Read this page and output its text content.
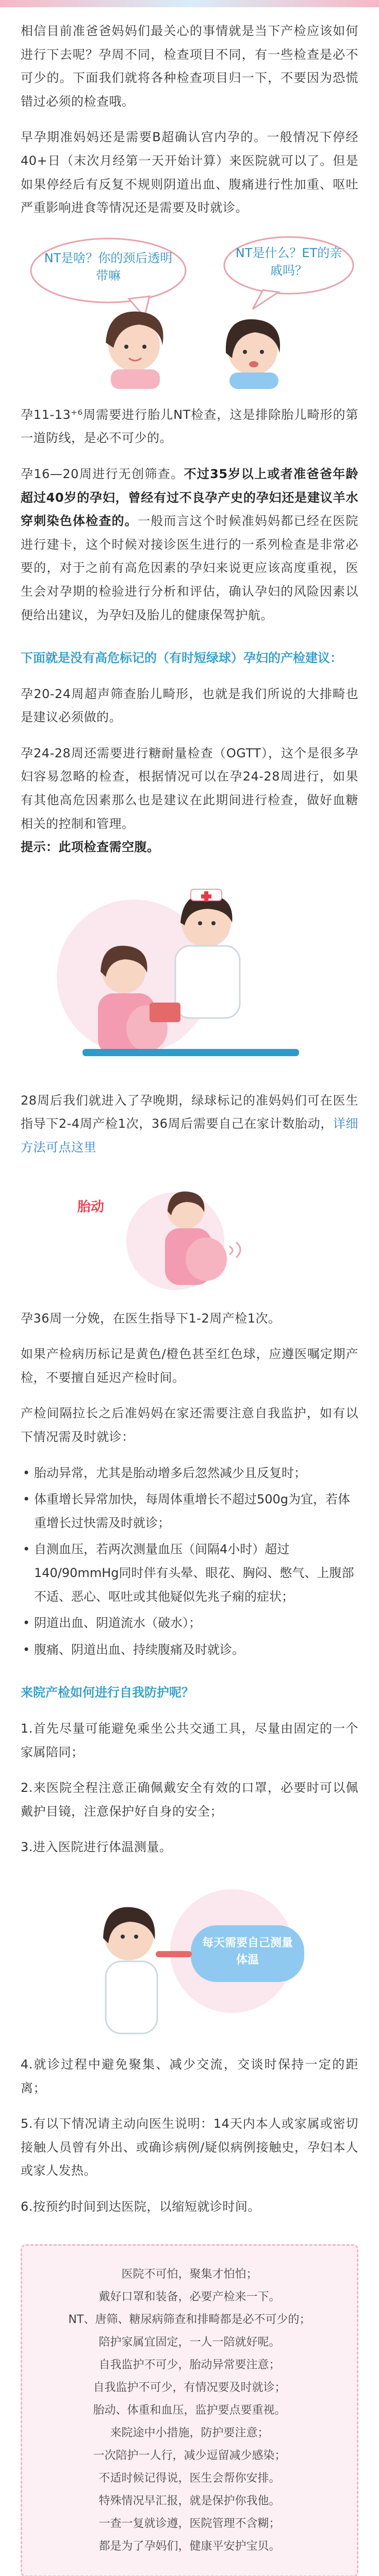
相信目前准爸爸妈妈们最关心的事情就是当下产检应该如何进行下去呢？孕周不同，检查项目不同，有一些检查是必不可少的。下面我们就将各种检查项目归一下，不要因为恐慌错过必须的检查哦。

早孕期准妈妈还是需要B超确认宫内孕的。一般情况下停经40+日（末次月经第一天开始计算）来医院就可以了。但是如果停经后有反复不规则阴道出血、腹痛进行性加重、呕吐严重影响进食等情况还是需要及时就诊。

NT是啥？你的颈后透明带嘛
NT是什么？ET的亲戚吗？

孕11-13⁺⁶周需要进行胎儿NT检查，这是排除胎儿畸形的第一道防线，是必不可少的。

孕16—20周进行无创筛查。不过35岁以上或者准爸爸年龄超过40岁的孕妇，曾经有过不良孕产史的孕妇还是建议羊水穿刺染色体检查的。一般而言这个时候准妈妈都已经在医院进行建卡，这个时候对接诊医生进行的一系列检查是非常必要的，对于之前有高危因素的孕妇来说更应该高度重视，医生会对孕期的检验进行分析和评估，确认孕妇的风险因素以便给出建议，为孕妇及胎儿的健康保驾护航。

下面就是没有高危标记的（有时短绿球）孕妇的产检建议：

孕20-24周超声筛查胎儿畸形，也就是我们所说的大排畸也是建议必须做的。

孕24-28周还需要进行糖耐量检查（OGTT），这个是很多孕妇容易忽略的检查，根据情况可以在孕24-28周进行，如果有其他高危因素那么也是建议在此期间进行检查，做好血糖相关的控制和管理。
提示：此项检查需空腹。

28周后我们就进入了孕晚期，绿球标记的准妈妈们可在医生指导下2-4周产检1次，36周后需要自己在家计数胎动，详细方法可点这里

胎动

孕36周一分娩，在医生指导下1-2周产检1次。

如果产检病历标记是黄色/橙色甚至红色球，应遵医嘱定期产检，不要擅自延迟产检时间。

产检间隔拉长之后准妈妈在家还需要注意自我监护，如有以下情况需及时就诊：

• 胎动异常，尤其是胎动增多后忽然减少且反复时；
• 体重增长异常加快，每周体重增长不超过500g为宜，若体重增长过快需及时就诊；
• 自测血压，若两次测量血压（间隔4小时）超过140/90mmHg同时伴有头晕、眼花、胸闷、憋气、上腹部不适、恶心、呕吐或其他疑似先兆子痫的症状；
• 阴道出血、阴道流水（破水）；
• 腹痛、阴道出血、持续腹痛及时就诊。
来院产检如何进行自我防护呢？

1.首先尽量可能避免乘坐公共交通工具，尽量由固定的一个家属陪同；

2.来医院全程注意正确佩戴安全有效的口罩，必要时可以佩戴护目镜，注意保护好自身的安全；

3.进入医院进行体温测量。

每天需要自己测量体温

4.就诊过程中避免聚集、减少交流，交谈时保持一定的距离；

5.有以下情况请主动向医生说明：14天内本人或家属或密切接触人员曾有外出、或确诊病例/疑似病例接触史，孕妇本人或家人发热。

6.按预约时间到达医院，以缩短就诊时间。

医院不可怕，聚集才怕怕；
戴好口罩和装备，必要产检来一下。
NT、唐筛、糖尿病筛查和排畸都是必不可少的；
陪护家属宜固定，一人一陪就好呢。
自我监护不可少，胎动异常要注意；
自我监护不可少，有情况要及时就诊；
胎动、体重和血压，监护要点要重视。
来院途中小措施，防护要注意；
一次陪护一人行，减少逗留减少感染；
不适时候记得说，医生会帮你安排。
特殊情况早汇报，就是保护你我他。
一查一复就诊遵，医院管理不含糊；
都是为了孕妈们，健康平安护宝贝。
